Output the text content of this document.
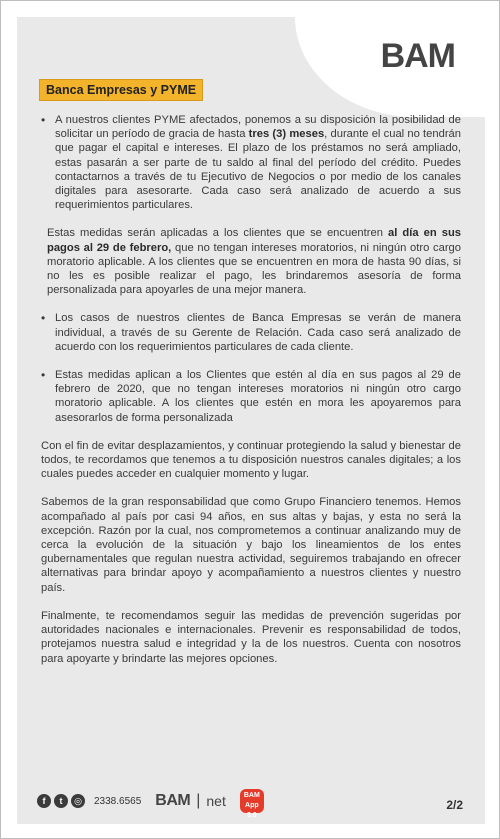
BAM
Banca Empresas y PYME
• A nuestros clientes PYME afectados, ponemos a su disposición la posibilidad de solicitar un período de gracia de hasta tres (3) meses, durante el cual no tendrán que pagar el capital e intereses. El plazo de los préstamos no será ampliado, estas pasarán a ser parte de tu saldo al final del período del crédito. Puedes contactarnos a través de tu Ejecutivo de Negocios o por medio de los canales digitales para asesorarte. Cada caso será analizado de acuerdo a sus requerimientos particulares.
Estas medidas serán aplicadas a los clientes que se encuentren al día en sus pagos al 29 de febrero, que no tengan intereses moratorios, ni ningún otro cargo moratorio aplicable. A los clientes que se encuentren en mora de hasta 90 días, si no les es posible realizar el pago, les brindaremos asesoría de forma personalizada para apoyarles de una mejor manera.
• Los casos de nuestros clientes de Banca Empresas se verán de manera individual, a través de su Gerente de Relación. Cada caso será analizado de acuerdo con los requerimientos particulares de cada cliente.
• Estas medidas aplican a los Clientes que estén al día en sus pagos al 29 de febrero de 2020, que no tengan intereses moratorios ni ningún otro cargo moratorio aplicable. A los clientes que estén en mora les apoyaremos para asesorarlos de forma personalizada

Con el fin de evitar desplazamientos, y continuar protegiendo la salud y bienestar de todos, te recordamos que tenemos a tu disposición nuestros canales digitales; a los cuales puedes acceder en cualquier momento y lugar.

Sabemos de la gran responsabilidad que como Grupo Financiero tenemos. Hemos acompañado al país por casi 94 años, en sus altas y bajas, y esta no será la excepción. Razón por la cual, nos comprometemos a continuar analizando muy de cerca la evolución de la situación y bajo los lineamientos de los entes gubernamentales que regulan nuestra actividad, seguiremos trabajando en ofrecer alternativas para brindar apoyo y acompañamiento a nuestros clientes y nuestro país.

Finalmente, te recomendamos seguir las medidas de prevención sugeridas por autoridades nacionales e internacionales. Prevenir es responsabilidad de todos, protejamos nuestra salud e integridad y la de los nuestros. Cuenta con nosotros para apoyarte y brindarte las mejores opciones.

f	t	◎	2338.6565 BAM | net	BAM
App 3.0
2/2
